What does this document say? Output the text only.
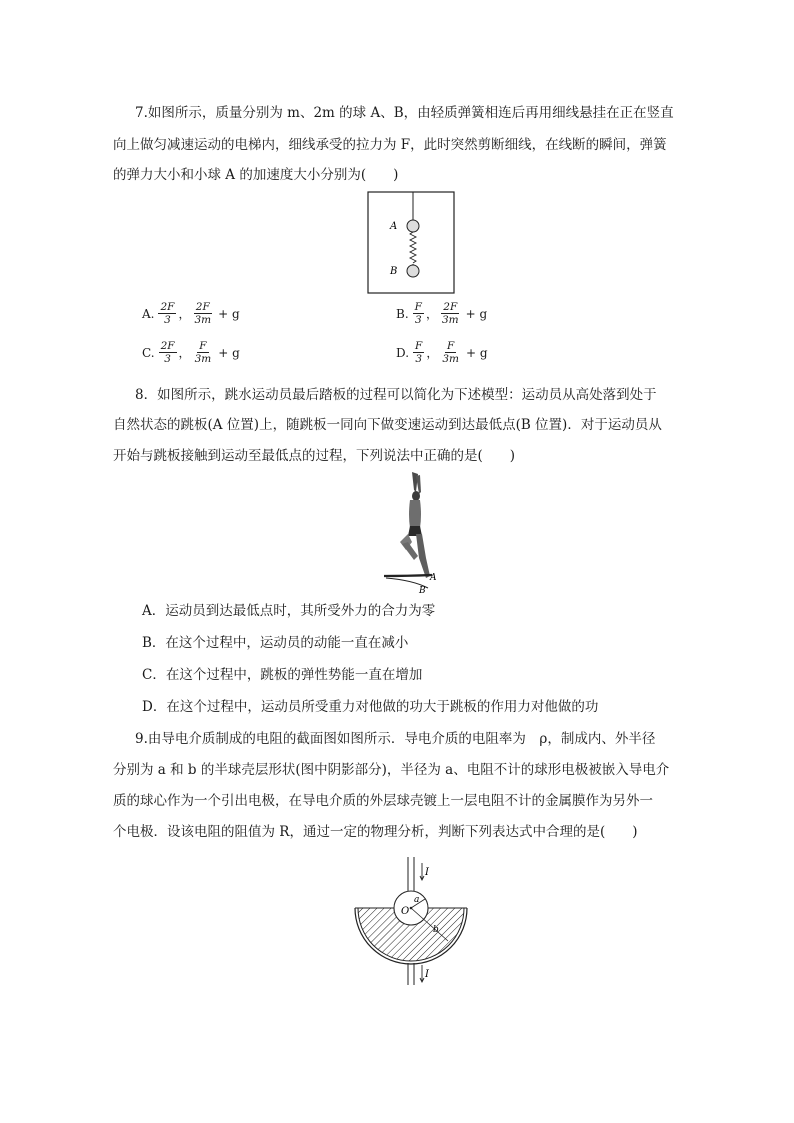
7.如图所示，质量分别为 m、2m 的球 A、B，由轻质弹簧相连后再用细线悬挂在正在竖直
向上做匀减速运动的电梯内，细线承受的拉力为 F，此时突然剪断细线，在线断的瞬间，弹簧
的弹力大小和小球 A 的加速度大小分别为(　　)
A
B
A. $\frac{2F}{3}$ ， $\frac{2F}{3m} + g$	B. $\frac{F}{3}$ ， $\frac{2F}{3m} + g$
C. $\frac{2F}{3}$ ， $\frac{F}{3m} + g$	D. $\frac{F}{3}$ ， $\frac{F}{3m} + g$
8．如图所示，跳水运动员最后踏板的过程可以简化为下述模型：运动员从高处落到处于
自然状态的跳板(A 位置)上，随跳板一同向下做变速运动到达最低点(B 位置)．对于运动员从
开始与跳板接触到运动至最低点的过程，下列说法中正确的是(　　)
A
B
A．运动员到达最低点时，其所受外力的合力为零
B．在这个过程中，运动员的动能一直在减小
C．在这个过程中，跳板的弹性势能一直在增加
D．在这个过程中，运动员所受重力对他做的功大于跳板的作用力对他做的功
9.由导电介质制成的电阻的截面图如图所示．导电介质的电阻率为　ρ，制成内、外半径
分别为 a 和 b 的半球壳层形状(图中阴影部分)，半径为 a、电阻不计的球形电极被嵌入导电介
质的球心作为一个引出电极，在导电介质的外层球壳镀上一层电阻不计的金属膜作为另外一
个电极．设该电阻的阻值为 R，通过一定的物理分析，判断下列表达式中合理的是(　　)
I
O
a
b
I
